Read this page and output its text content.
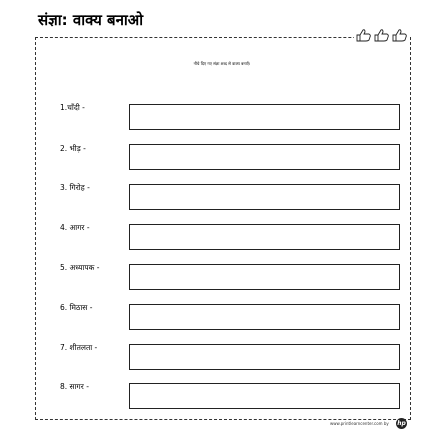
संज्ञा: वाक्य बनाओ
नीचे दिए गए संज्ञा शब्द से वाक्य बनाएँ।
1.चाँदी -
2. भीड़ -
3. गिरोह -
4. आगर -
5. अध्यापक -
6. मिठास -
7. शीतलता -
8. सागर -
www.printlearncenter.com by hp
